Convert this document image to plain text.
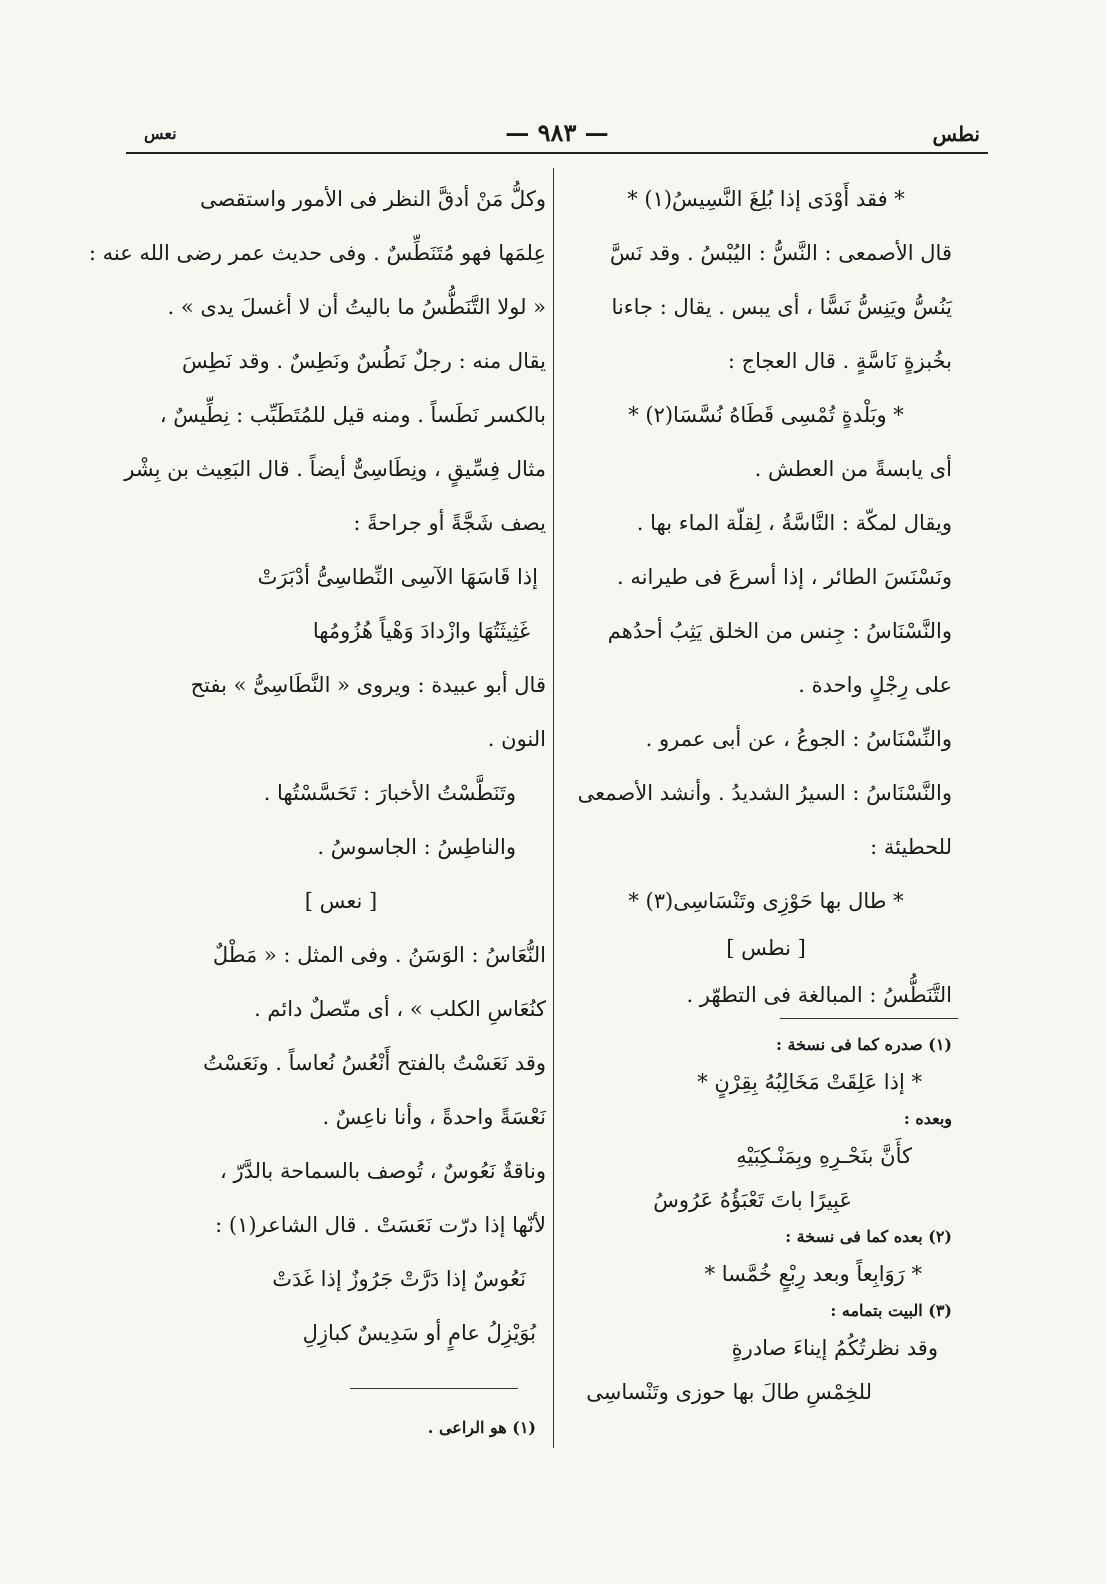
نطس
— ٩٨٣ —
نعس
* فقد أَوْدَى إذا بُلِغَ النَّسِيسُ(١) *
قال الأصمعى : النَّسُّ : اليُبْسُ . وقد نَسَّ
يَنُسُّ ويَنِسُّ نَسًّا ، أى يبس . يقال : جاءنا
بخُبزةٍ نَاسَّةٍ . قال العجاج :
* وبَلْدةٍ تُمْسِى قَطَاهُ نُسَّسَا(٢) *
أى يابسةً من العطش .
ويقال لمكّة : النَّاسَّةُ ، لِقلّة الماء بها .
ونَسْنَسَ الطائر ، إذا أسرعَ فى طيرانه .
والنَّسْنَاسُ : جِنس من الخلق يَثِبُ أحدُهم
على رِجْلٍ واحدة .
والنِّسْنَاسُ : الجوعُ ، عن أبى عمرو .
والنَّسْنَاسُ : السيرُ الشديدُ . وأنشد الأصمعى
للحطيئة :
* طال بها حَوْزِى وتَنْسَاسِى(٣) *
[ نطس ]
التَّنَطُّسُ : المبالغة فى التطهّر .
(١) صدره كما فى نسخة :
* إذا عَلِقَتْ مَخَالِبُهُ بِقِرْنٍ *
وبعده :
كأَنَّ بنَحْـرِهِ وبِمَنْـكِبَيْهِ
عَبِيرًا باتَ تَعْبَؤُهُ عَرُوسُ
(٢) بعده كما فى نسخة :
* رَوَابِعاً وبعد رِبْعٍ خُمَّسا *
(٣) البيت بتمامه :
وقد نظرتُكُمُ إيناءَ صادرةٍ
للخِمْسِ طالَ بها حوزى وتَنْساسِى
وكلُّ مَنْ أدقَّ النظر فى الأمور واستقصى
عِلمَها فهو مُتَنَطِّسٌ . وفى حديث عمر رضى الله عنه :
« لولا التَّنَطُّسُ ما باليتُ أن لا أغسلَ يدى » .
يقال منه : رجلٌ نَطُسٌ ونَطِسٌ . وقد نَطِسَ
بالكسر نَطَساً . ومنه قيل للمُتَطَبِّب : نِطِّيسٌ ،
مثال فِسِّيقٍ ، ونِطَاسِىٌّ أيضاً . قال البَعِيث بن بِشْر
يصف شَجَّةً أو جراحةً :
إذا قَاسَهَا الآسِى النِّطاسِىُّ أدْبَرَتْ
غَثِيثَتُهَا وازْدادَ وَهْياً هُزُومُها
قال أبو عبيدة : ويروى « النَّطَاسِىُّ » بفتح
النون .
وتَنَطَّسْتُ الأخبارَ : تَحَسَّسْتُها .
والناطِسُ : الجاسوسُ .
[ نعس ]
النُّعَاسُ : الوَسَنُ . وفى المثل : « مَطْلٌ
كنُعَاسِ الكلب » ، أى متّصلٌ دائم .
وقد نَعَسْتُ بالفتح أَنْعُسُ نُعاساً . ونَعَسْتُ
نَعْسَةً واحدةً ، وأنا ناعِسٌ .
وناقةٌ نَعُوسٌ ، تُوصف بالسماحة بالدَّرّ ،
لأنّها إذا درّت نَعَسَتْ . قال الشاعر(١) :
نَعُوسٌ إذا دَرَّتْ جَرُوزٌ إذا غَدَتْ
بُوَيْزِلُ عامٍ أو سَدِيسٌ كبازِلِ
(١) هو الراعى .
